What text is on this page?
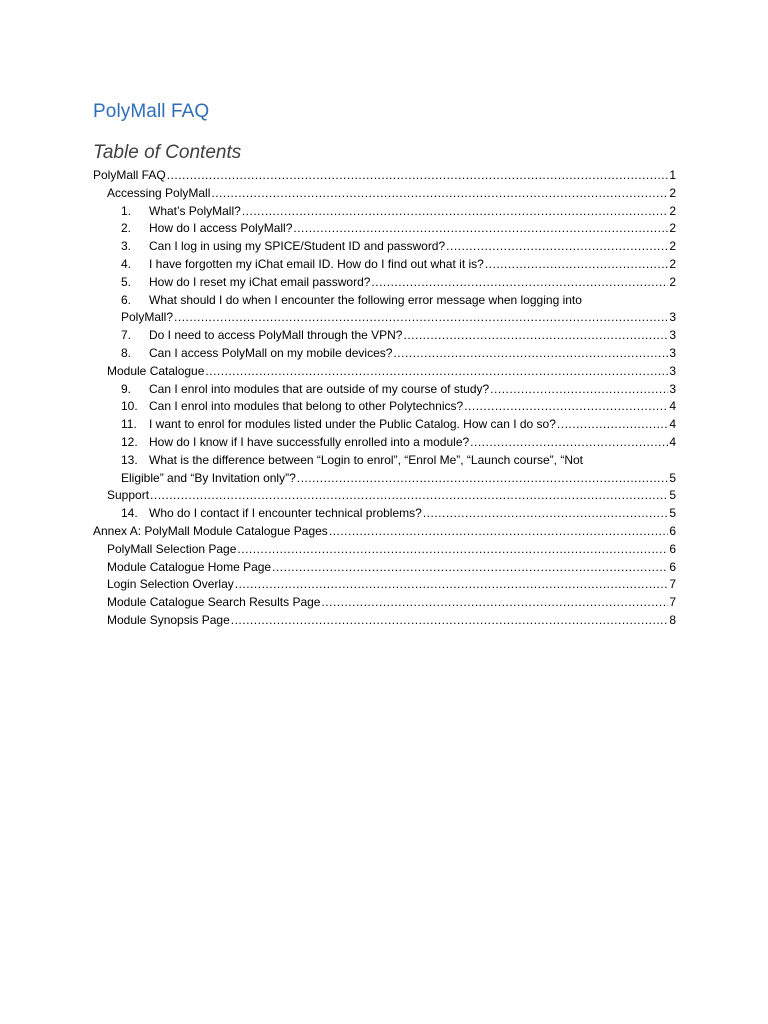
PolyMall FAQ
Table of Contents
PolyMall FAQ .....	1
Accessing PolyMall .....	2
1.	What’s PolyMall? .....	2
2.	How do I access PolyMall? .....	2
3.	Can I log in using my SPICE/Student ID and password? .....	2
4.	I have forgotten my iChat email ID. How do I find out what it is? .....	2
5.	How do I reset my iChat email password? .....	2
6.	What should I do when I encounter the following error message when logging into
PolyMall? .....	3
7.	Do I need to access PolyMall through the VPN? .....	3
8.	Can I access PolyMall on my mobile devices? .....	3
Module Catalogue .....	3
9.	Can I enrol into modules that are outside of my course of study? .....	3
10. Can I enrol into modules that belong to other Polytechnics? .....	4
11.	I want to enrol for modules listed under the Public Catalog. How can I do so? .....	4
12. How do I know if I have successfully enrolled into a module? .....	4
13. What is the difference between “Login to enrol”, “Enrol Me”, “Launch course”, “Not
Eligible” and “By Invitation only”? .....	5
Support .....	5
14. Who do I contact if I encounter technical problems? .....	5
Annex A: PolyMall Module Catalogue Pages .....	6
PolyMall Selection Page .....	6
Module Catalogue Home Page .....	6
Login Selection Overlay .....	7
Module Catalogue Search Results Page .....	7
Module Synopsis Page .....	8
